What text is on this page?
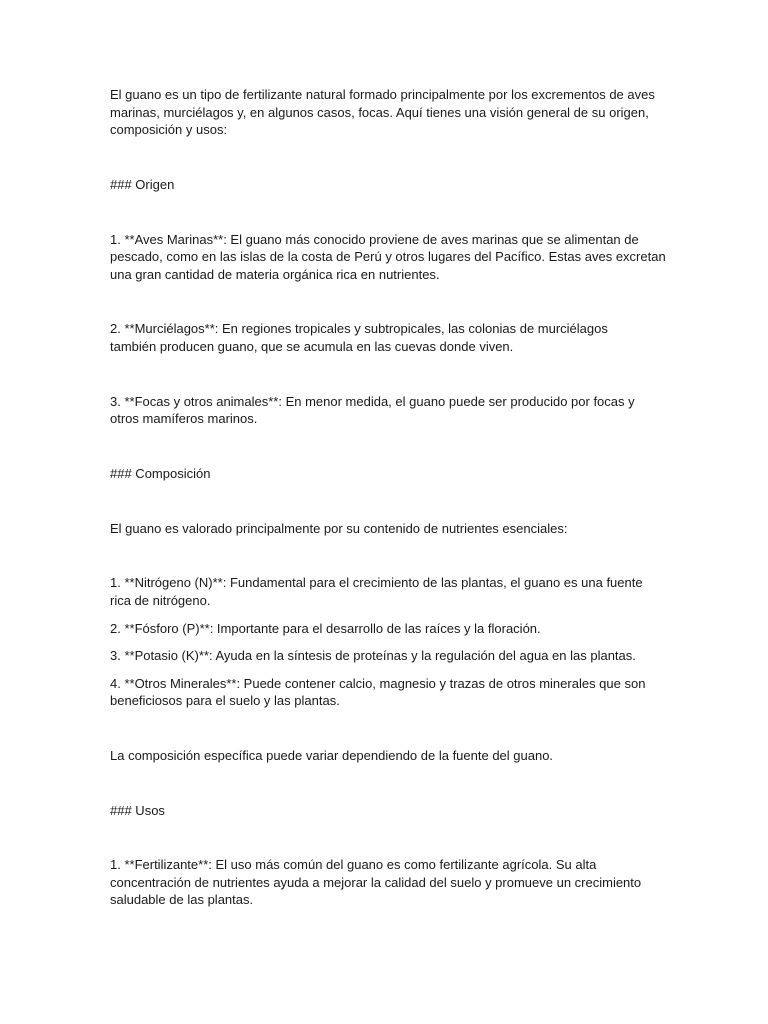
El guano es un tipo de fertilizante natural formado principalmente por los excrementos de aves

marinas, murciélagos y, en algunos casos, focas. Aquí tienes una visión general de su origen,

composición y usos:

### Origen

1. **Aves Marinas**: El guano más conocido proviene de aves marinas que se alimentan de

pescado, como en las islas de la costa de Perú y otros lugares del Pacífico. Estas aves excretan

una gran cantidad de materia orgánica rica en nutrientes.

2. **Murciélagos**: En regiones tropicales y subtropicales, las colonias de murciélagos

también producen guano, que se acumula en las cuevas donde viven.

3. **Focas y otros animales**: En menor medida, el guano puede ser producido por focas y

otros mamíferos marinos.

### Composición

El guano es valorado principalmente por su contenido de nutrientes esenciales:

1. **Nitrógeno (N)**: Fundamental para el crecimiento de las plantas, el guano es una fuente

rica de nitrógeno.

2. **Fósforo (P)**: Importante para el desarrollo de las raíces y la floración.

3. **Potasio (K)**: Ayuda en la síntesis de proteínas y la regulación del agua en las plantas.

4. **Otros Minerales**: Puede contener calcio, magnesio y trazas de otros minerales que son

beneficiosos para el suelo y las plantas.

La composición específica puede variar dependiendo de la fuente del guano.

### Usos

1. **Fertilizante**: El uso más común del guano es como fertilizante agrícola. Su alta

concentración de nutrientes ayuda a mejorar la calidad del suelo y promueve un crecimiento

saludable de las plantas.
